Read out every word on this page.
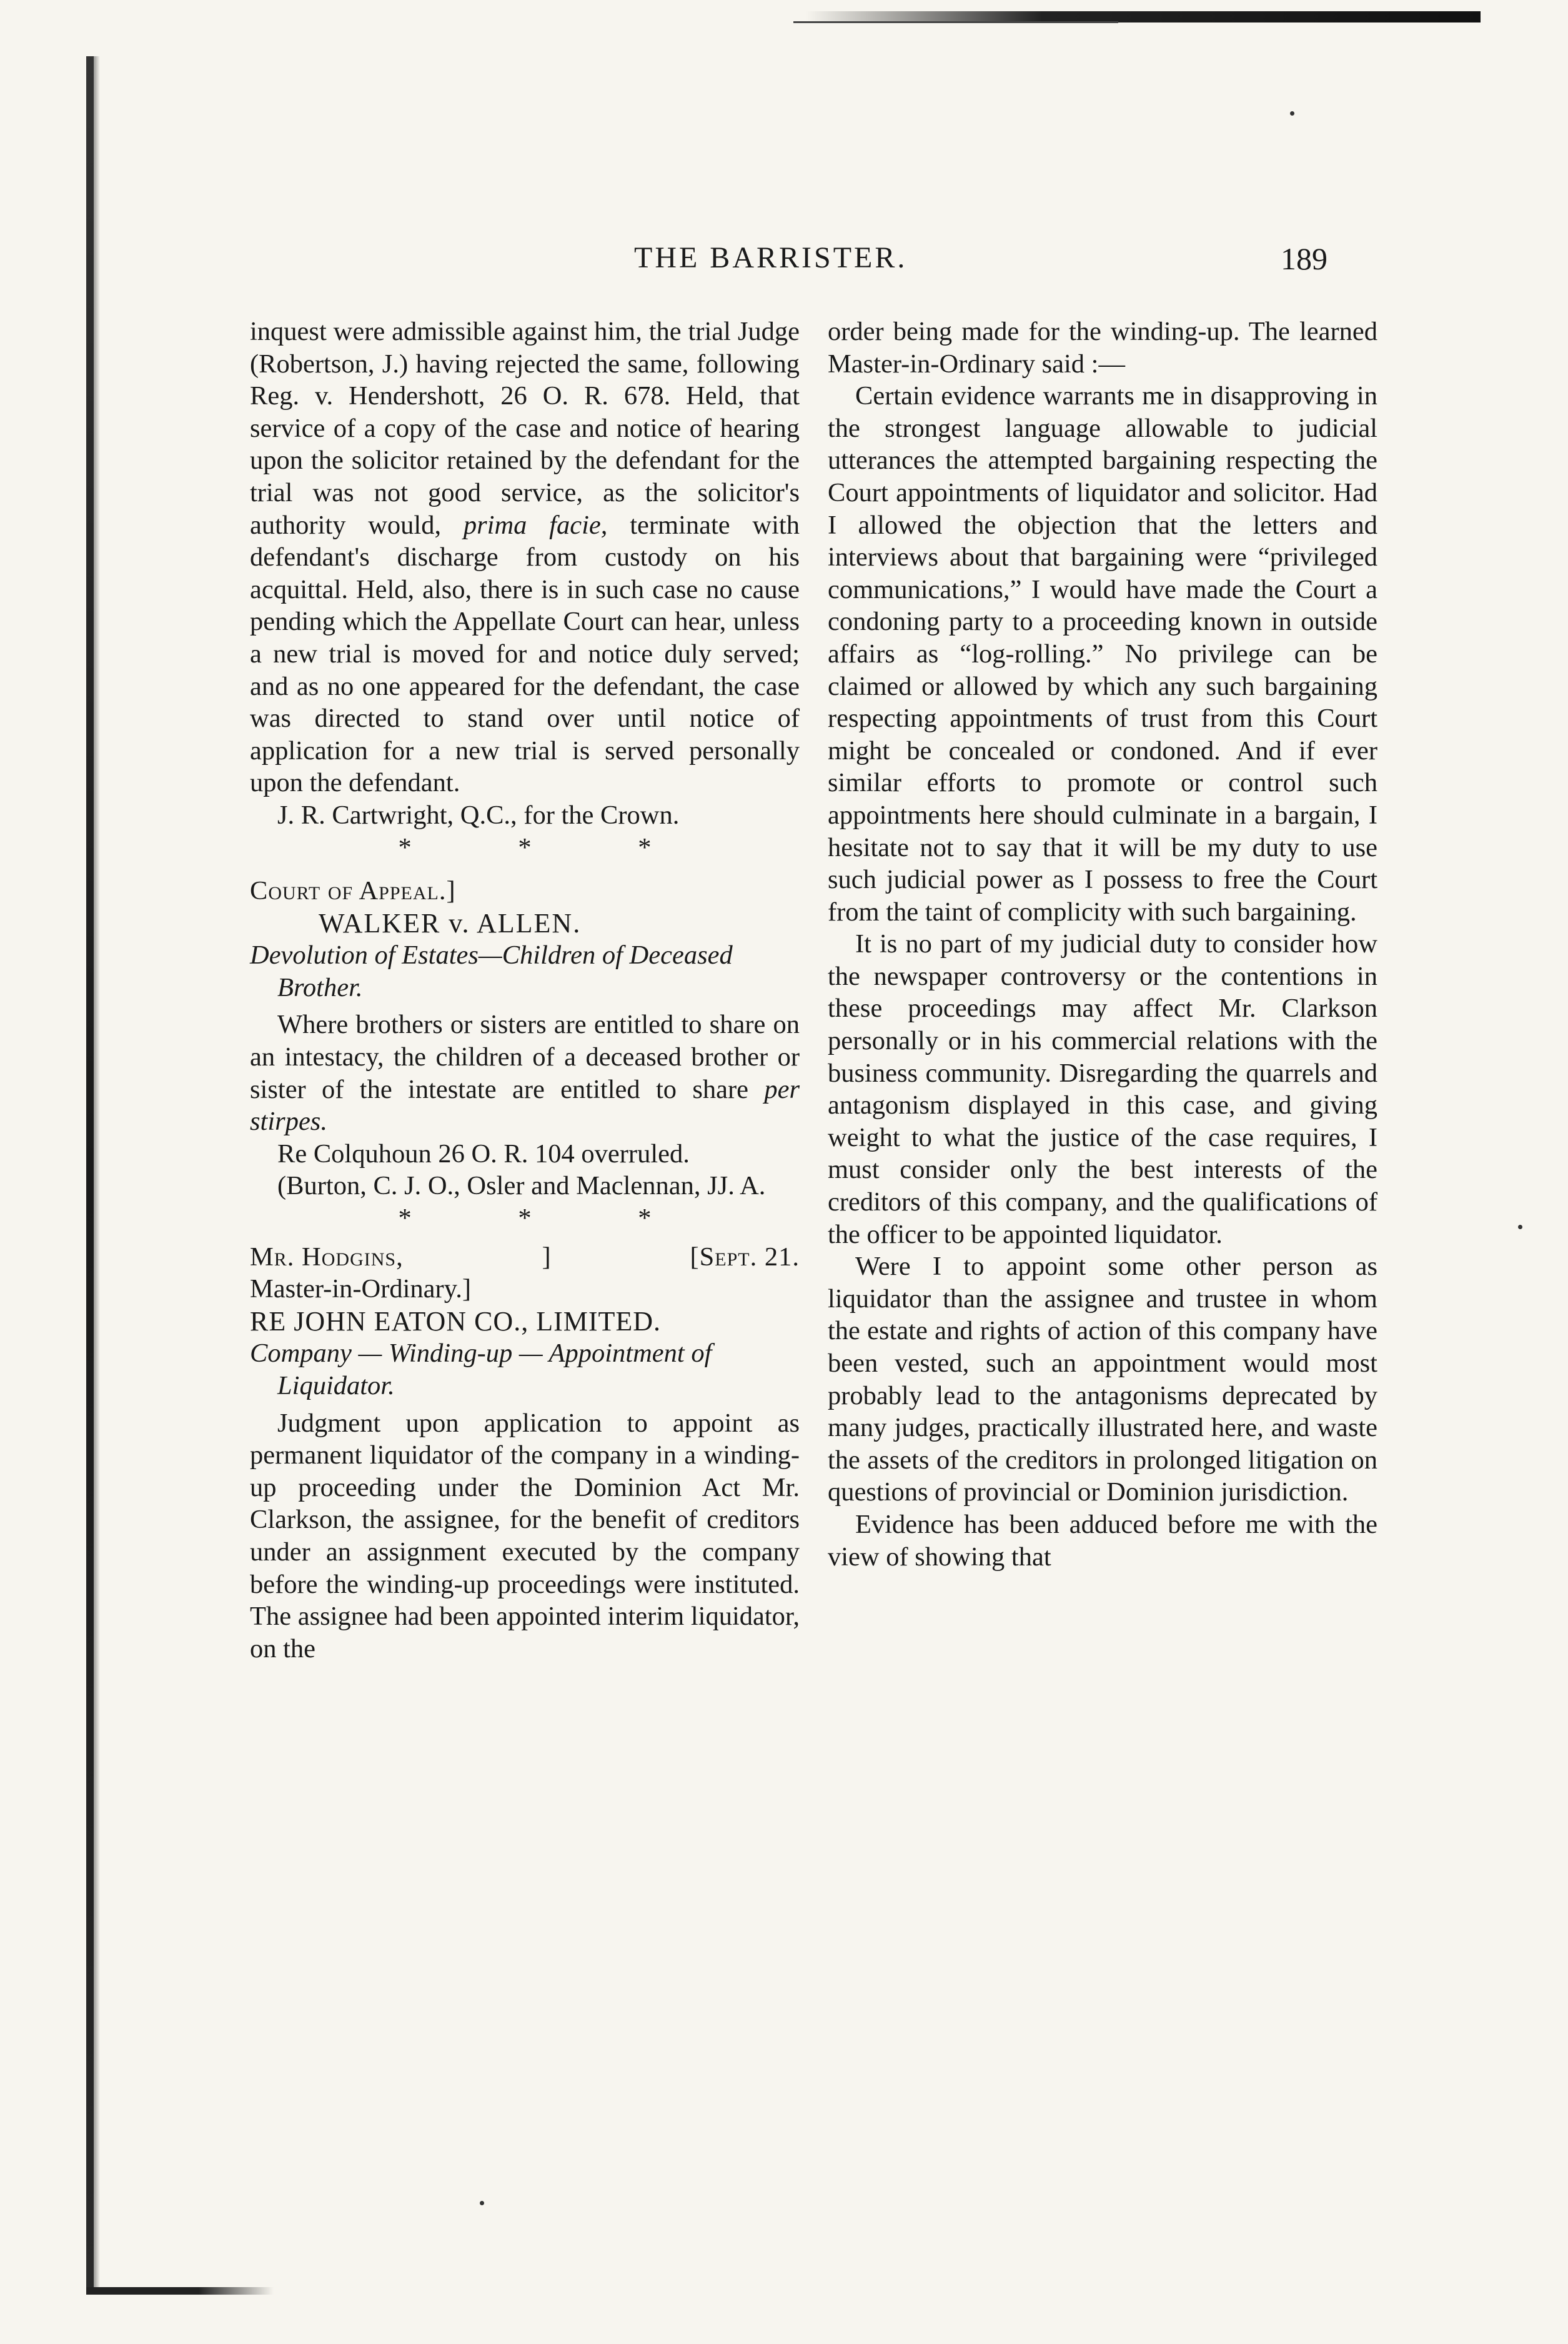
THE BARRISTER.	189

inquest were admissible against him, the trial Judge (Robertson, J.) having rejected the same, following Reg. v. Hendershott, 26 O. R. 678. Held, that service of a copy of the case and notice of hearing upon the solicitor retained by the defendant for the trial was not good service, as the solicitor's authority would, prima facie, terminate with defendant's discharge from custody on his acquittal. Held, also, there is in such case no cause pending which the Appellate Court can hear, unless a new trial is moved for and notice duly served; and as no one appeared for the defendant, the case was directed to stand over until notice of application for a new trial is served personally upon the defendant.

J. R. Cartwright, Q.C., for the Crown.

* * *
Court of Appeal.]
WALKER v. ALLEN.
Devolution of Estates—Children of Deceased Brother.

Where brothers or sisters are entitled to share on an intestacy, the children of a deceased brother or sister of the intestate are entitled to share per stirpes.

Re Colquhoun 26 O. R. 104 overruled.

(Burton, C. J. O., Osler and Maclennan, JJ. A.

* * *
Mr. Hodgins,	]	[Sept. 21.
Master-in-Ordinary.]
RE JOHN EATON CO., LIMITED.
Company — Winding-up — Appointment of Liquidator.

Judgment upon application to appoint as permanent liquidator of the company in a winding-up proceeding under the Dominion Act Mr. Clarkson, the assignee, for the benefit of creditors under an assignment executed by the company before the winding-up proceedings were instituted. The assignee had been appointed interim liquidator, on the

order being made for the winding-up. The learned Master-in-Ordinary said :—

Certain evidence warrants me in disapproving in the strongest language allowable to judicial utterances the attempted bargaining respecting the Court appointments of liquidator and solicitor. Had I allowed the objection that the letters and interviews about that bargaining were “privileged communications,” I would have made the Court a condoning party to a proceeding known in outside affairs as “log-rolling.” No privilege can be claimed or allowed by which any such bargaining respecting appointments of trust from this Court might be concealed or condoned. And if ever similar efforts to promote or control such appointments here should culminate in a bargain, I hesitate not to say that it will be my duty to use such judicial power as I possess to free the Court from the taint of complicity with such bargaining.

It is no part of my judicial duty to consider how the newspaper controversy or the contentions in these proceedings may affect Mr. Clarkson personally or in his commercial relations with the business community. Disregarding the quarrels and antagonism displayed in this case, and giving weight to what the justice of the case requires, I must consider only the best interests of the creditors of this company, and the qualifications of the officer to be appointed liquidator.

Were I to appoint some other person as liquidator than the assignee and trustee in whom the estate and rights of action of this company have been vested, such an appointment would most probably lead to the antagonisms deprecated by many judges, practically illustrated here, and waste the assets of the creditors in prolonged litigation on questions of provincial or Dominion jurisdiction.

Evidence has been adduced before me with the view of showing that
